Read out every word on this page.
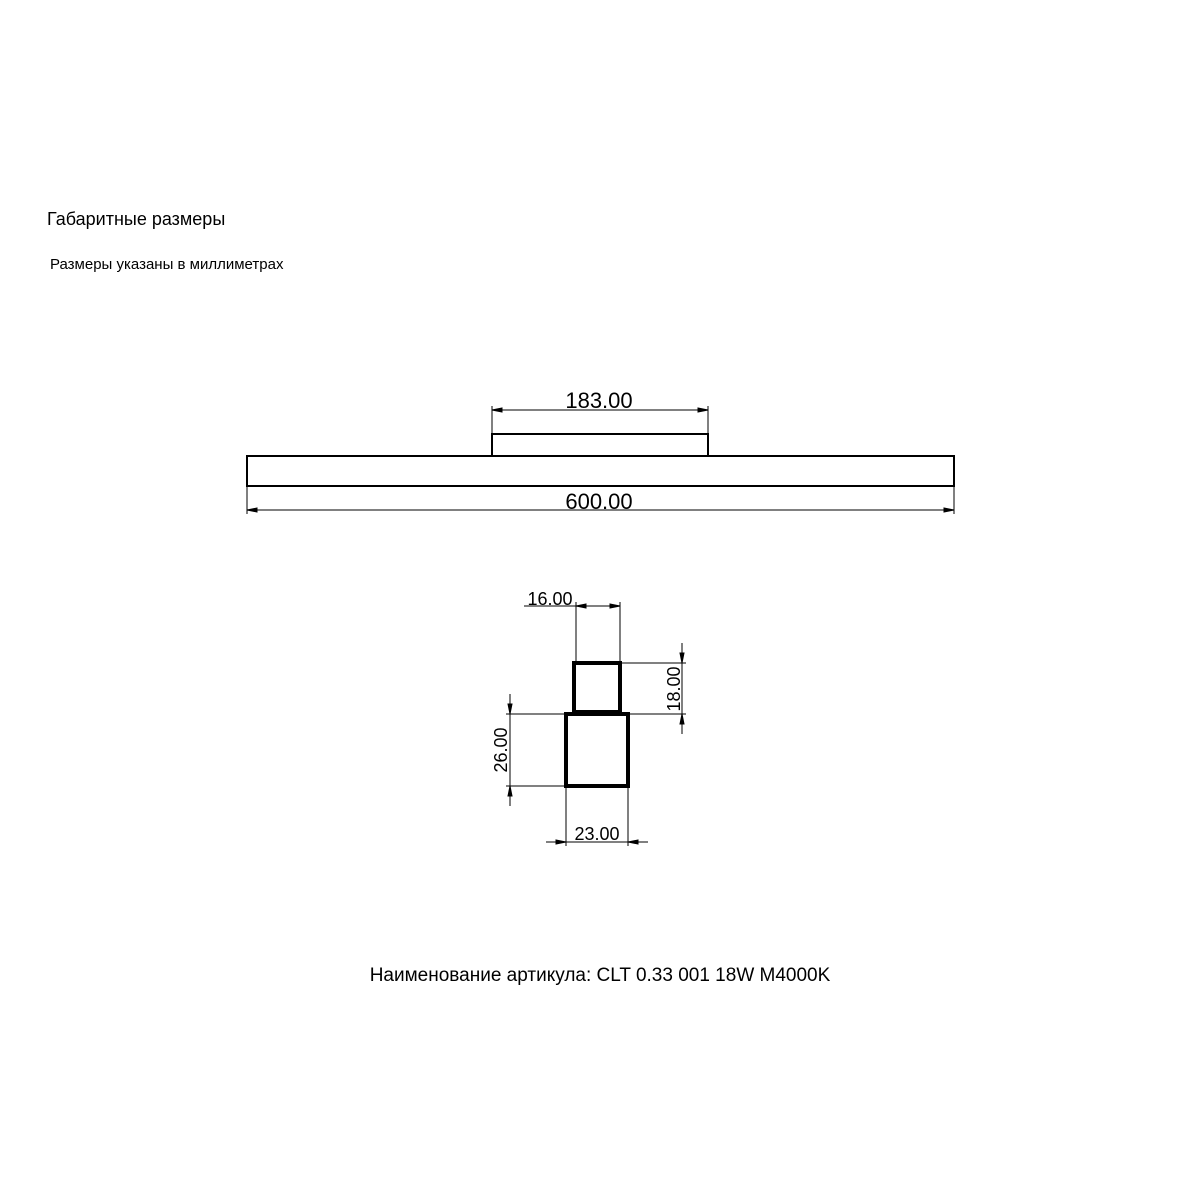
Габаритные размеры
Размеры указаны в миллиметрах
183.00
600.00
16.00
18.00
26.00
23.00
Наименование артикула: CLT 0.33 001 18W M4000K
